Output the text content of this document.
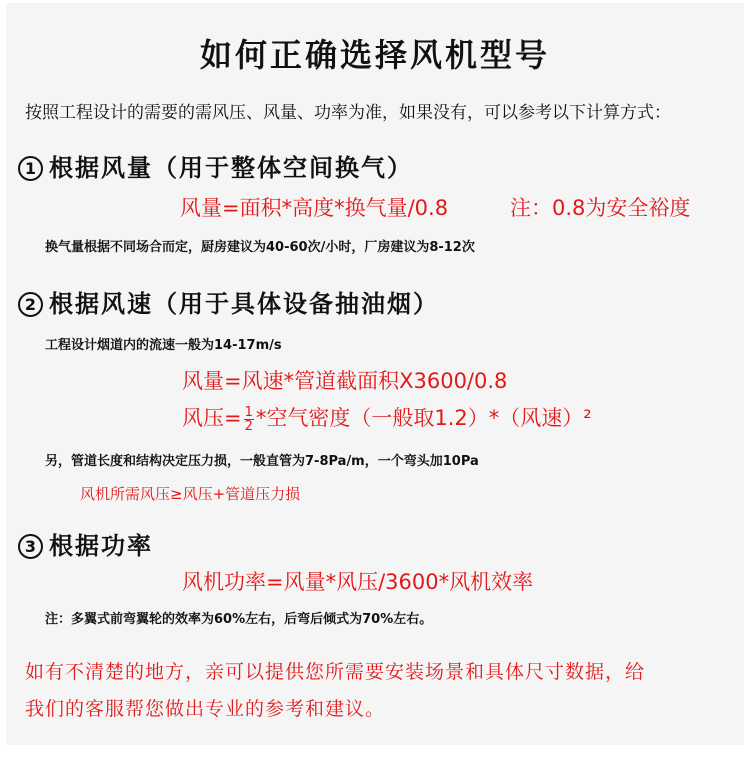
如何正确选择风机型号
按照工程设计的需要的需风压、风量、功率为准，如果没有，可以参考以下计算方式：
1 根据风量（用于整体空间换气）
风量=面积*高度*换气量/0.8	注：0.8为安全裕度
换气量根据不同场合而定，厨房建议为40-60次/小时，厂房建议为8-12次
2 根据风速（用于具体设备抽油烟）
工程设计烟道内的流速一般为14-17m/s
风量=风速*管道截面积X3600/0.8
风压= $\frac{1}{2}$ *空气密度（一般取1.2）*（风速）²
另，管道长度和结构决定压力损，一般直管为7-8Pa/m，一个弯头加10Pa
风机所需风压≥风压+管道压力损
3 根据功率
风机功率=风量*风压/3600*风机效率
注：多翼式前弯翼轮的效率为60%左右，后弯后倾式为70%左右。
如有不清楚的地方，亲可以提供您所需要安装场景和具体尺寸数据，给
我们的客服帮您做出专业的参考和建议。
